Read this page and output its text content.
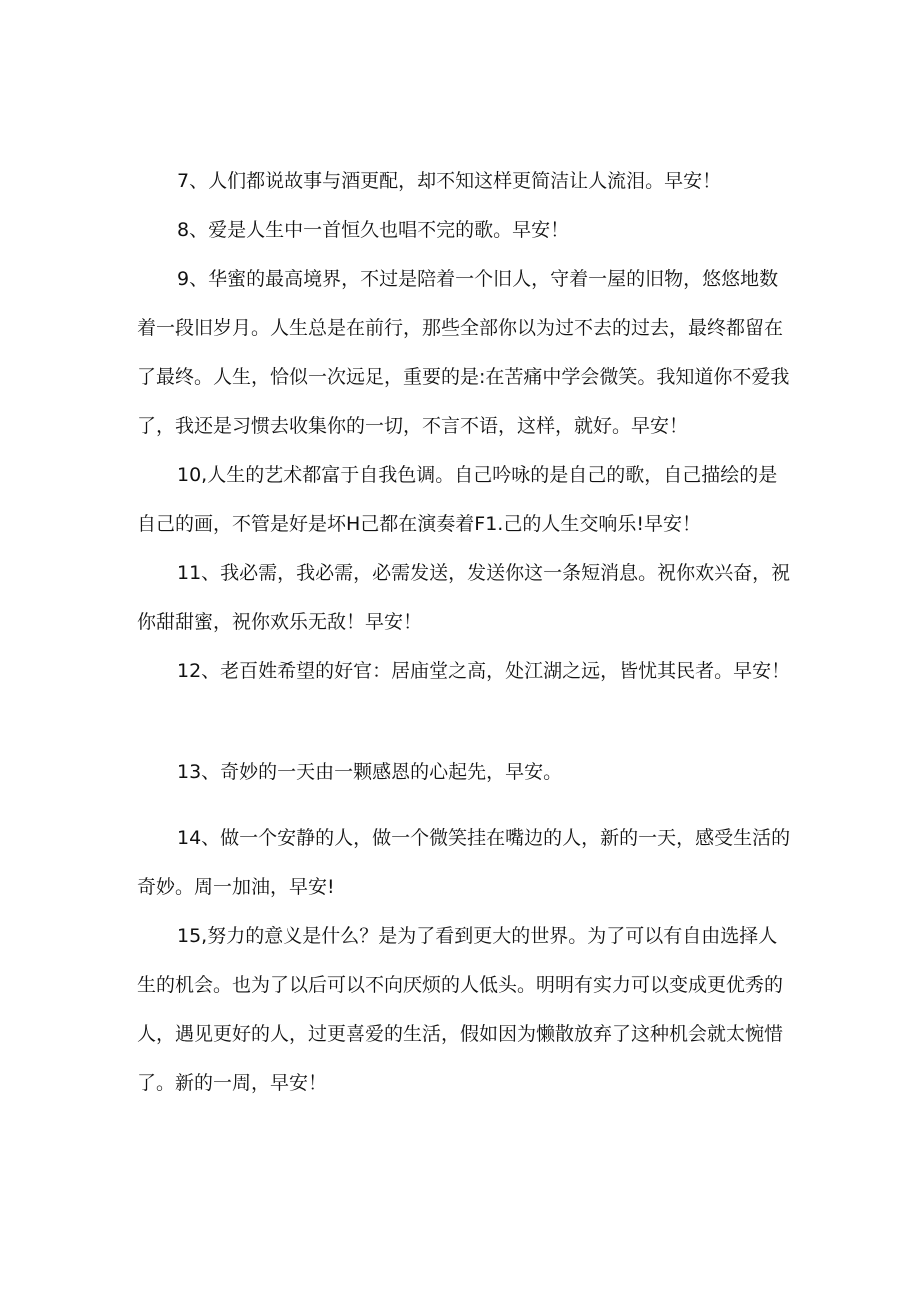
7、人们都说故事与酒更配，却不知这样更简洁让人流泪。早安！

8、爱是人生中一首恒久也唱不完的歌。早安！

9、华蜜的最高境界，不过是陪着一个旧人，守着一屋的旧物，悠悠地数着一段旧岁月。人生总是在前行，那些全部你以为过不去的过去，最终都留在了最终。人生，恰似一次远足，重要的是:在苦痛中学会微笑。我知道你不爱我了，我还是习惯去收集你的一切，不言不语，这样，就好。早安！

10,人生的艺术都富于自我色调。自己吟咏的是自己的歌，自己描绘的是自己的画，不管是好是坏H己都在演奏着F1.己的人生交响乐!早安！

11、我必需，我必需，必需发送，发送你这一条短消息。祝你欢兴奋，祝你甜甜蜜，祝你欢乐无敌！早安！

12、老百姓希望的好官：居庙堂之高，处江湖之远，皆忧其民者。早安！

13、奇妙的一天由一颗感恩的心起先，早安。

14、做一个安静的人，做一个微笑挂在嘴边的人，新的一天，感受生活的奇妙。周一加油，早安!

15,努力的意义是什么？是为了看到更大的世界。为了可以有自由选择人生的机会。也为了以后可以不向厌烦的人低头。明明有实力可以变成更优秀的人，遇见更好的人，过更喜爱的生活，假如因为懒散放弃了这种机会就太惋惜了。新的一周，早安！
